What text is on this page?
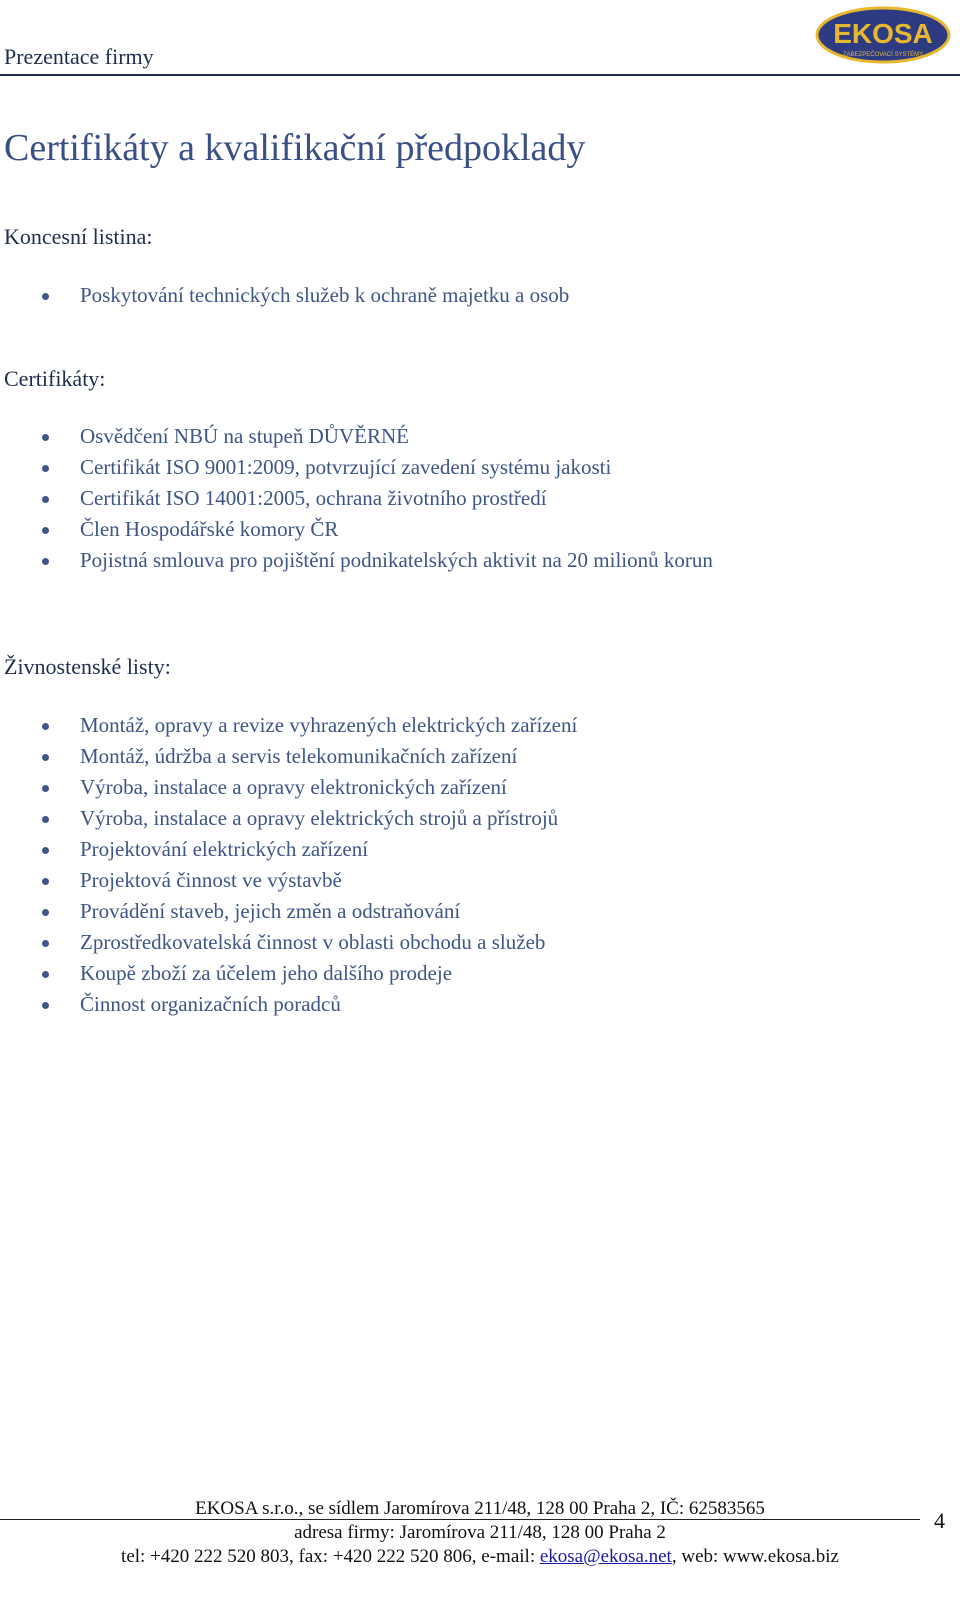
Prezentace firmy
EKOSA
ZABEZPEČOVACÍ SYSTÉMY
Certifikáty a kvalifikační předpoklady
Koncesní listina:
Poskytování technických služeb k ochraně majetku a osob
Certifikáty:
Osvědčení NBÚ na stupeň DŮVĚRNÉ
Certifikát ISO 9001:2009, potvrzující zavedení systému jakosti
Certifikát ISO 14001:2005, ochrana životního prostředí
Člen Hospodářské komory ČR
Pojistná smlouva pro pojištění podnikatelských aktivit na 20 milionů korun
Živnostenské listy:
Montáž, opravy a revize vyhrazených elektrických zařízení
Montáž, údržba a servis telekomunikačních zařízení
Výroba, instalace a opravy elektronických zařízení
Výroba, instalace a opravy elektrických strojů a přístrojů
Projektování elektrických zařízení
Projektová činnost ve výstavbě
Provádění staveb, jejich změn a odstraňování
Zprostředkovatelská činnost v oblasti obchodu a služeb
Koupě zboží za účelem jeho dalšího prodeje
Činnost organizačních poradců
EKOSA s.r.o., se sídlem Jaromírova 211/48, 128 00 Praha 2, IČ: 62583565
adresa firmy: Jaromírova 211/48, 128 00 Praha 2
tel: +420 222 520 803, fax: +420 222 520 806, e-mail: ekosa@ekosa.net, web: www.ekosa.biz
4
